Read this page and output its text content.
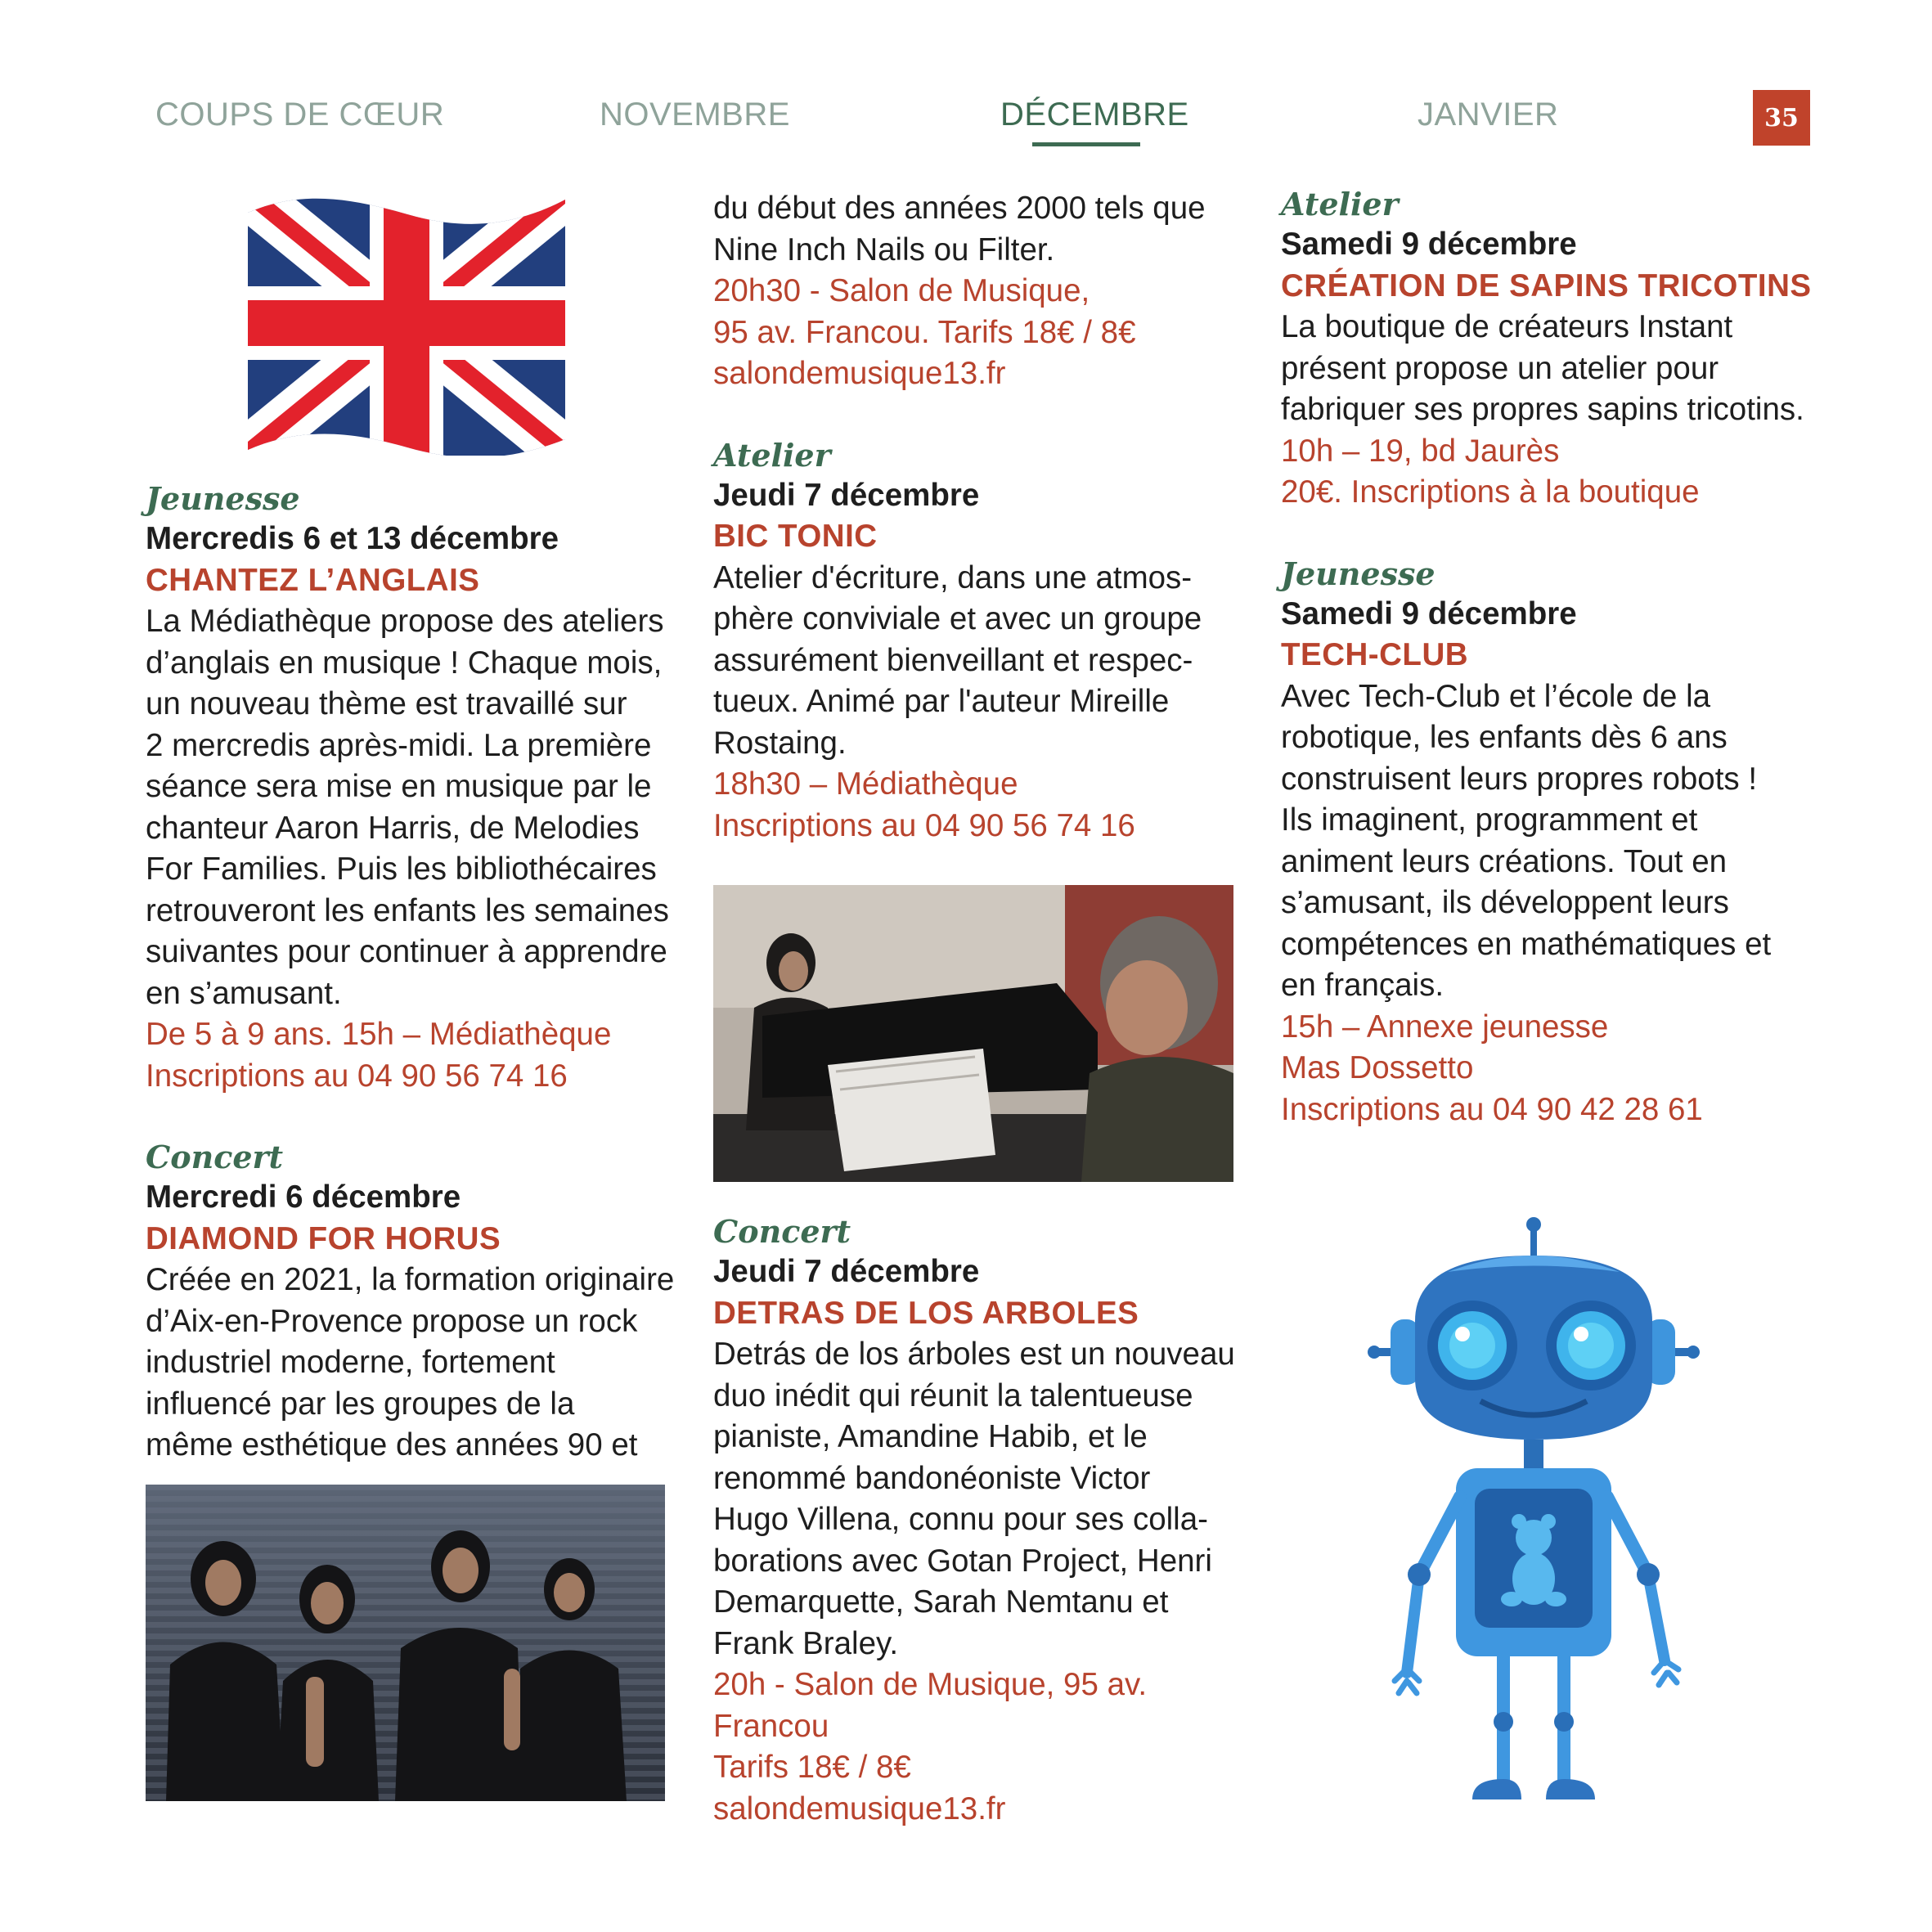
COUPS DE CŒUR	NOVEMBRE	DÉCEMBRE	JANVIER	35
Jeunesse

Mercredis 6 et 13 décembre

CHANTEZ L’ANGLAIS

La Médiathèque propose des ateliers

d’anglais en musique ! Chaque mois,

un nouveau thème est travaillé sur

2 mercredis après-midi. La première

séance sera mise en musique par le

chanteur Aaron Harris, de Melodies

For Families. Puis les bibliothécaires

retrouveront les enfants les semaines

suivantes pour continuer à apprendre

en s’amusant.

De 5 à 9 ans. 15h – Médiathèque

Inscriptions au 04 90 56 74 16

Concert

Mercredi 6 décembre

DIAMOND FOR HORUS

Créée en 2021, la formation originaire

d’Aix-en-Provence propose un rock

industriel moderne, fortement

influencé par les groupes de la

même esthétique des années 90 et

du début des années 2000 tels que

Nine Inch Nails ou Filter.

20h30 - Salon de Musique,

95 av. Francou. Tarifs 18€ / 8€

salondemusique13.fr

Atelier

Jeudi 7 décembre

BIC TONIC

Atelier d'écriture, dans une atmos-

phère conviviale et avec un groupe

assurément bienveillant et respec-

tueux. Animé par l'auteur Mireille

Rostaing.

18h30 – Médiathèque

Inscriptions au 04 90 56 74 16

Concert

Jeudi 7 décembre

DETRAS DE LOS ARBOLES

Detrás de los árboles est un nouveau

duo inédit qui réunit la talentueuse

pianiste, Amandine Habib, et le

renommé bandonéoniste Victor

Hugo Villena, connu pour ses colla-

borations avec Gotan Project, Henri

Demarquette, Sarah Nemtanu et

Frank Braley.

20h - Salon de Musique, 95 av. Francou

Tarifs 18€ / 8€

salondemusique13.fr

Atelier

Samedi 9 décembre

CRÉATION DE SAPINS TRICOTINS

La boutique de créateurs Instant

présent propose un atelier pour

fabriquer ses propres sapins tricotins.

10h – 19, bd Jaurès

20€. Inscriptions à la boutique

Jeunesse

Samedi 9 décembre

TECH-CLUB

Avec Tech-Club et l’école de la

robotique, les enfants dès 6 ans

construisent leurs propres robots !

Ils imaginent, programment et

animent leurs créations. Tout en

s’amusant, ils développent leurs

compétences en mathématiques et

en français.

15h – Annexe jeunesse

Mas Dossetto

Inscriptions au 04 90 42 28 61
